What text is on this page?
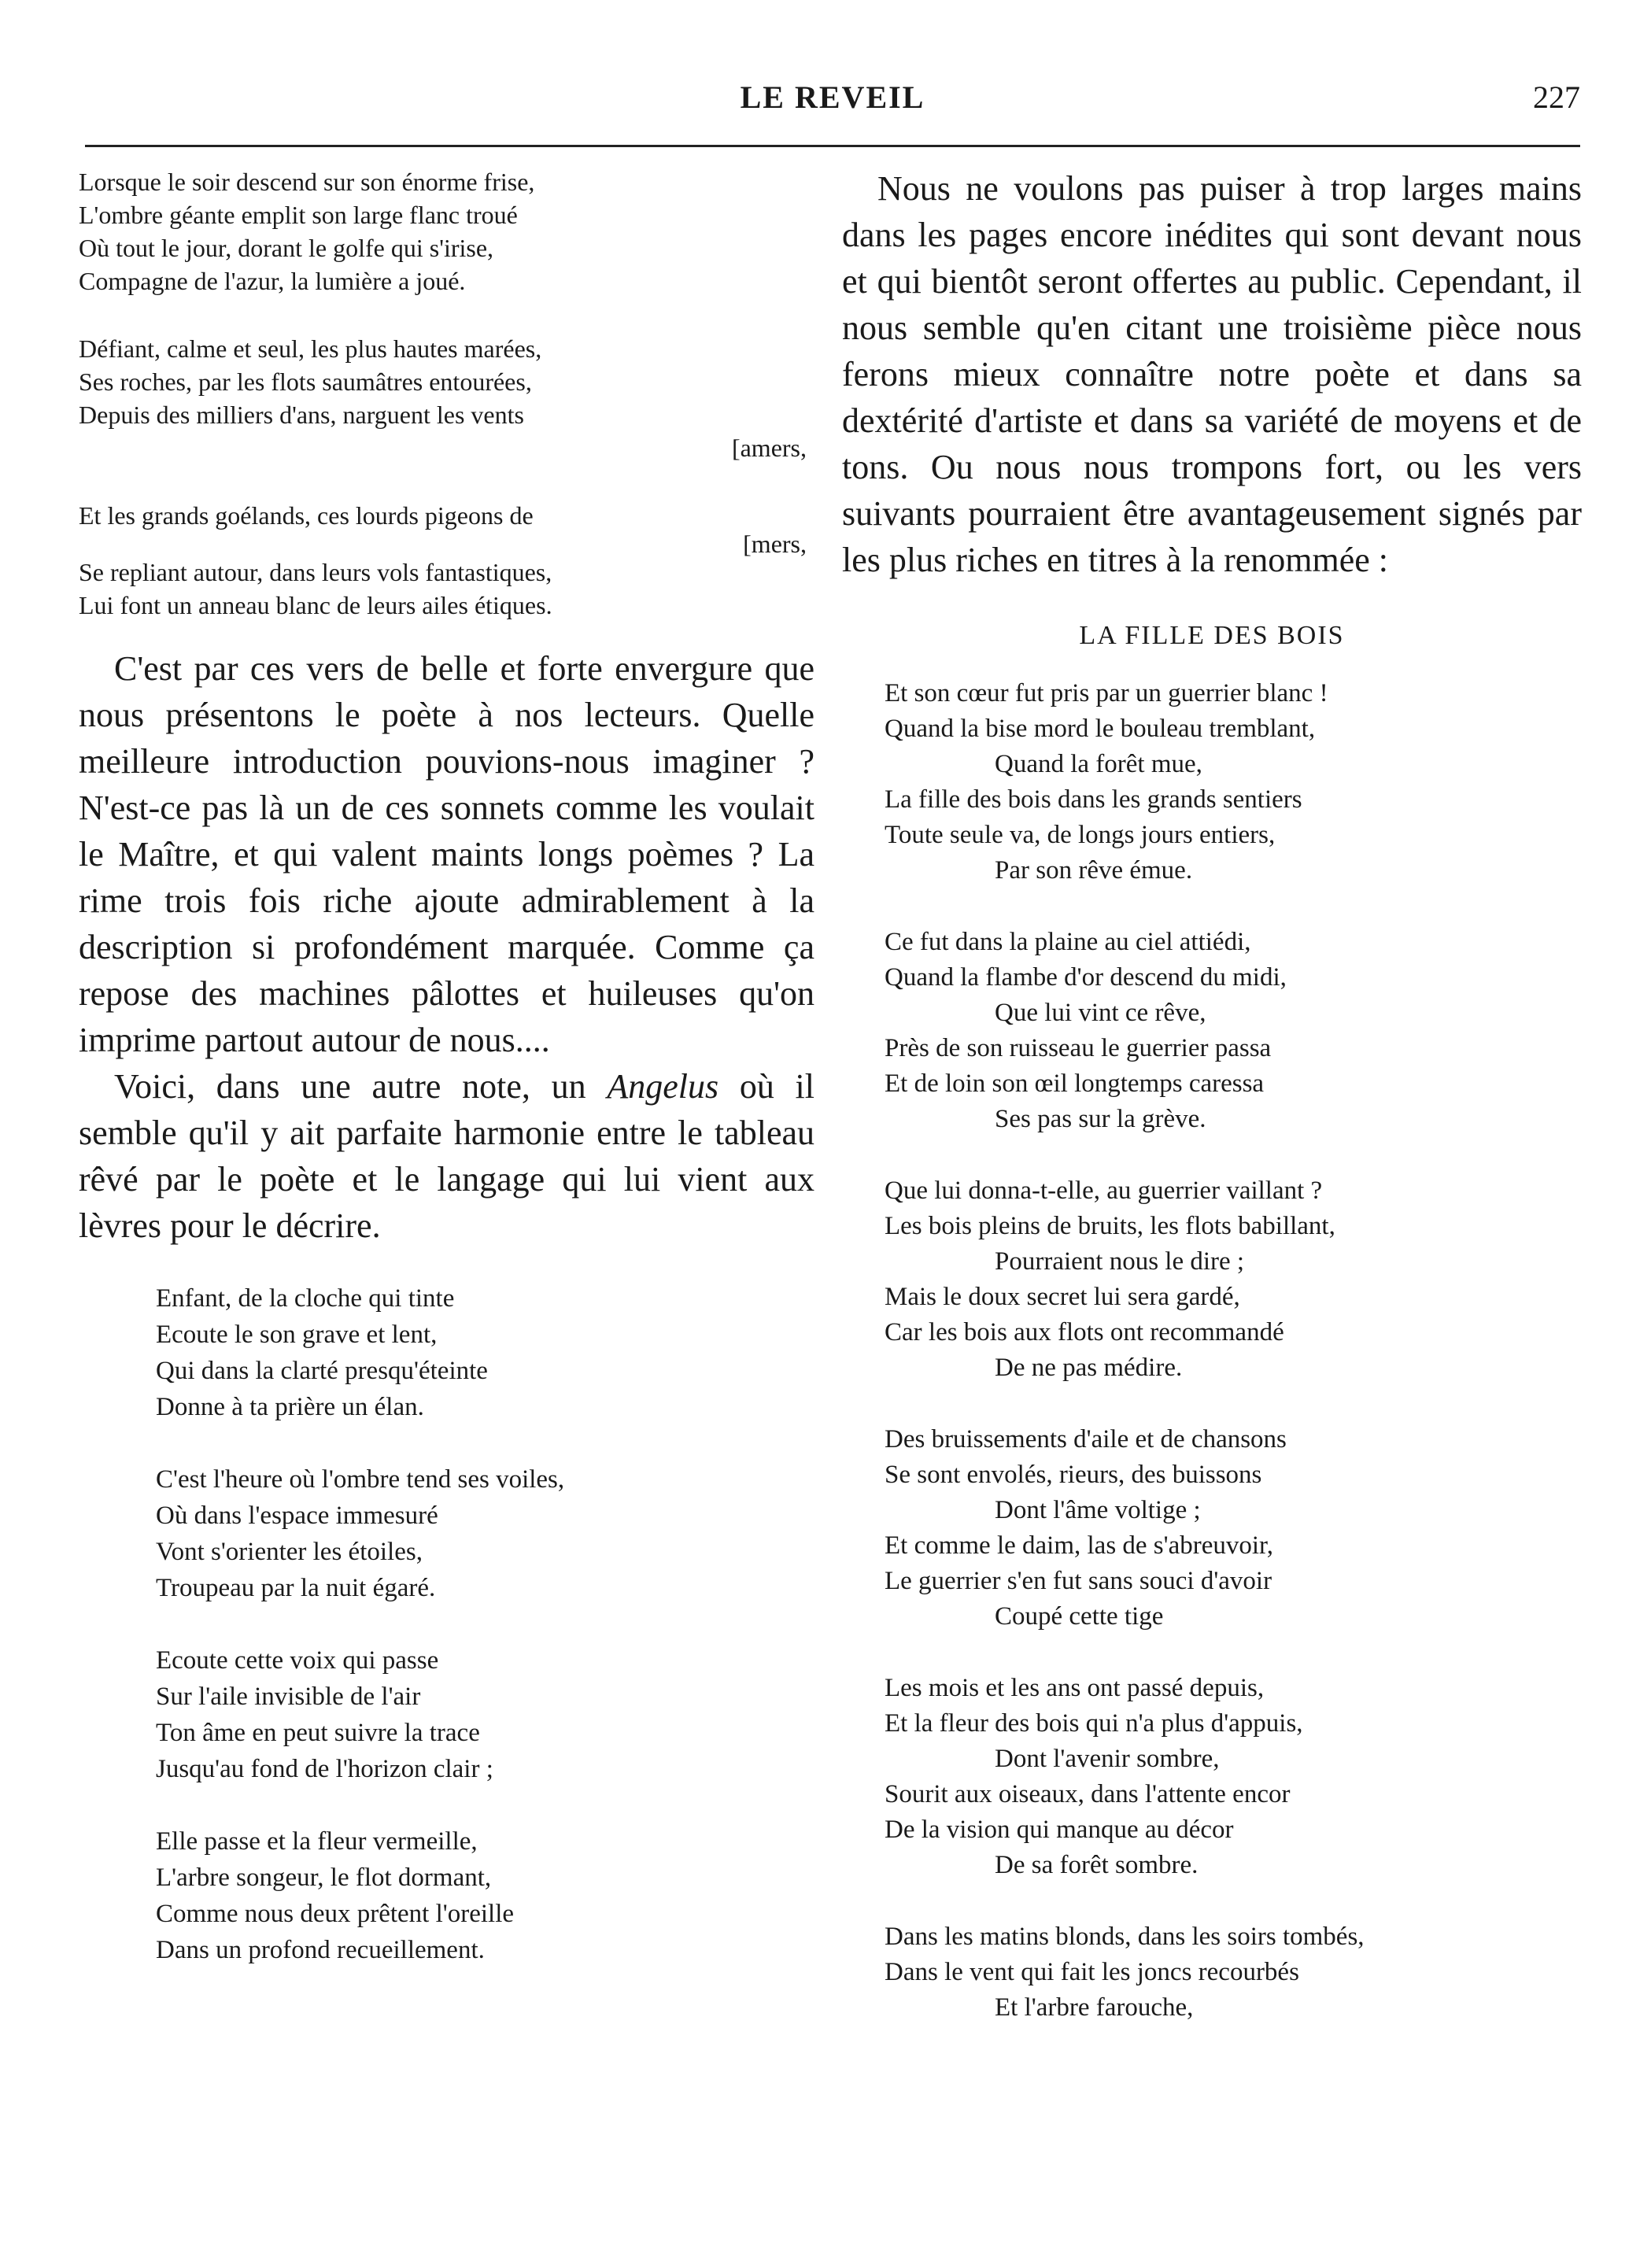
LE REVEIL	227
Lorsque le soir descend sur son énorme frise,
L'ombre géante emplit son large flanc troué
Où tout le jour, dorant le golfe qui s'irise,
Compagne de l'azur, la lumière a joué.
Défiant, calme et seul, les plus hautes marées,
Ses roches, par les flots saumâtres entourées,
Depuis des milliers d'ans, narguent les vents
[amers,
Et les grands goélands, ces lourds pigeons de
[mers,
Se repliant autour, dans leurs vols fantastiques,
Lui font un anneau blanc de leurs ailes étiques.

C'est par ces vers de belle et forte envergure que nous présentons le poète à nos lecteurs. Quelle meilleure introduction pouvions-nous imaginer ? N'est-ce pas là un de ces sonnets comme les voulait le Maître, et qui valent maints longs poèmes ? La rime trois fois riche ajoute admirablement à la description si profondément marquée. Comme ça repose des machines pâlottes et huileuses qu'on imprime partout autour de nous....

Voici, dans une autre note, un Angelus où il semble qu'il y ait parfaite harmonie entre le tableau rêvé par le poète et le langage qui lui vient aux lèvres pour le décrire.

Enfant, de la cloche qui tinte
Ecoute le son grave et lent,
Qui dans la clarté presqu'éteinte
Donne à ta prière un élan.
C'est l'heure où l'ombre tend ses voiles,
Où dans l'espace immesuré
Vont s'orienter les étoiles,
Troupeau par la nuit égaré.
Ecoute cette voix qui passe
Sur l'aile invisible de l'air
Ton âme en peut suivre la trace
Jusqu'au fond de l'horizon clair ;
Elle passe et la fleur vermeille,
L'arbre songeur, le flot dormant,
Comme nous deux prêtent l'oreille
Dans un profond recueillement.

Nous ne voulons pas puiser à trop larges mains dans les pages encore inédites qui sont devant nous et qui bientôt seront offertes au public. Cependant, il nous semble qu'en citant une troisième pièce nous ferons mieux connaître notre poète et dans sa dextérité d'artiste et dans sa variété de moyens et de tons. Ou nous nous trompons fort, ou les vers suivants pourraient être avantageusement signés par les plus riches en titres à la renommée :

LA FILLE DES BOIS
Et son cœur fut pris par un guerrier blanc !
Quand la bise mord le bouleau tremblant,
Quand la forêt mue,
La fille des bois dans les grands sentiers
Toute seule va, de longs jours entiers,
Par son rêve émue.
Ce fut dans la plaine au ciel attiédi,
Quand la flambe d'or descend du midi,
Que lui vint ce rêve,
Près de son ruisseau le guerrier passa
Et de loin son œil longtemps caressa
Ses pas sur la grève.
Que lui donna-t-elle, au guerrier vaillant ?
Les bois pleins de bruits, les flots babillant,
Pourraient nous le dire ;
Mais le doux secret lui sera gardé,
Car les bois aux flots ont recommandé
De ne pas médire.
Des bruissements d'aile et de chansons
Se sont envolés, rieurs, des buissons
Dont l'âme voltige ;
Et comme le daim, las de s'abreuvoir,
Le guerrier s'en fut sans souci d'avoir
Coupé cette tige
Les mois et les ans ont passé depuis,
Et la fleur des bois qui n'a plus d'appuis,
Dont l'avenir sombre,
Sourit aux oiseaux, dans l'attente encor
De la vision qui manque au décor
De sa forêt sombre.
Dans les matins blonds, dans les soirs tombés,
Dans le vent qui fait les joncs recourbés
Et l'arbre farouche,
